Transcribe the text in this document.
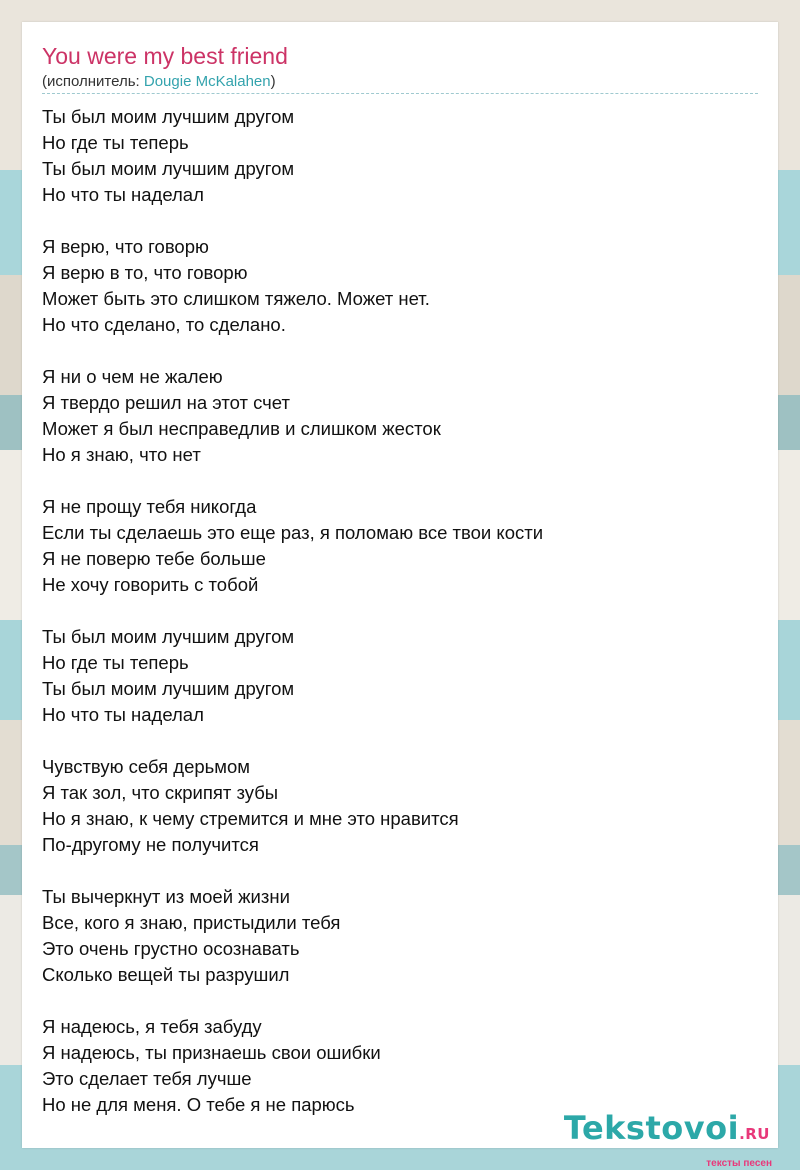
You were my best friend
(исполнитель: Dougie McKalahen)
Ты был моим лучшим другом
Но где ты теперь
Ты был моим лучшим другом
Но что ты наделал
Я верю, что говорю
Я верю в то, что говорю
Может быть это слишком тяжело. Может нет.
Но что сделано, то сделано.
Я ни о чем не жалею
Я твердо решил на этот счет
Может я был несправедлив и слишком жесток
Но я знаю, что нет
Я не прощу тебя никогда
Если ты сделаешь это еще раз, я поломаю все твои кости
Я не поверю тебе больше
Не хочу говорить с тобой
Ты был моим лучшим другом
Но где ты теперь
Ты был моим лучшим другом
Но что ты наделал
Чувствую себя дерьмом
Я так зол, что скрипят зубы
Но я знаю, к чему стремится и мне это нравится
По-другому не получится
Ты вычеркнут из моей жизни
Все, кого я знаю, пристыдили тебя
Это очень грустно осознавать
Сколько вещей ты разрушил
Я надеюсь, я тебя забуду
Я надеюсь, ты признаешь свои ошибки
Это сделает тебя лучше
Но не для меня. О тебе я не парюсь
Tekstovoi.RU
тексты песен
